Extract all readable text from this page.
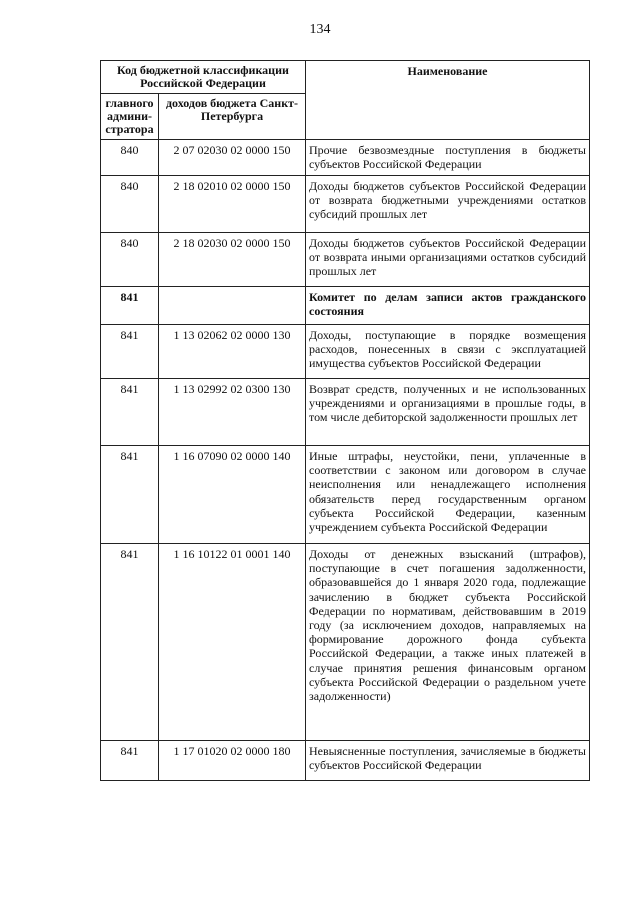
134
Код бюджетной классификации Российской Федерации		Наименование
главного админи-стратора	доходов бюджета Санкт-Петербурга	
840	2 07 02030 02 0000 150	Прочие безвозмездные поступления в бюджеты субъектов Российской Федерации
840	2 18 02010 02 0000 150	Доходы бюджетов субъектов Российской Федерации от возврата бюджетными учреждениями остатков субсидий прошлых лет
840	2 18 02030 02 0000 150	Доходы бюджетов субъектов Российской Федерации от возврата иными организациями остатков субсидий прошлых лет
841		Комитет по делам записи актов гражданского состояния
841	1 13 02062 02 0000 130	Доходы, поступающие в порядке возмещения расходов, понесенных в связи с эксплуатацией имущества субъектов Российской Федерации
841	1 13 02992 02 0300 130	Возврат средств, полученных и не использованных учреждениями и организациями в прошлые годы, в том числе дебиторской задолженности прошлых лет
841	1 16 07090 02 0000 140	Иные штрафы, неустойки, пени, уплаченные в соответствии с законом или договором в случае неисполнения или ненадлежащего исполнения обязательств перед государственным органом субъекта Российской Федерации, казенным учреждением субъекта Российской Федерации
841	1 16 10122 01 0001 140	Доходы от денежных взысканий (штрафов), поступающие в счет погашения задолженности, образовавшейся до 1 января 2020 года, подлежащие зачислению в бюджет субъекта Российской Федерации по нормативам, действовавшим в 2019 году (за исключением доходов, направляемых на формирование дорожного фонда субъекта Российской Федерации, а также иных платежей в случае принятия решения финансовым органом субъекта Российской Федерации о раздельном учете задолженности)
841	1 17 01020 02 0000 180	Невыясненные поступления, зачисляемые в бюджеты субъектов Российской Федерации
